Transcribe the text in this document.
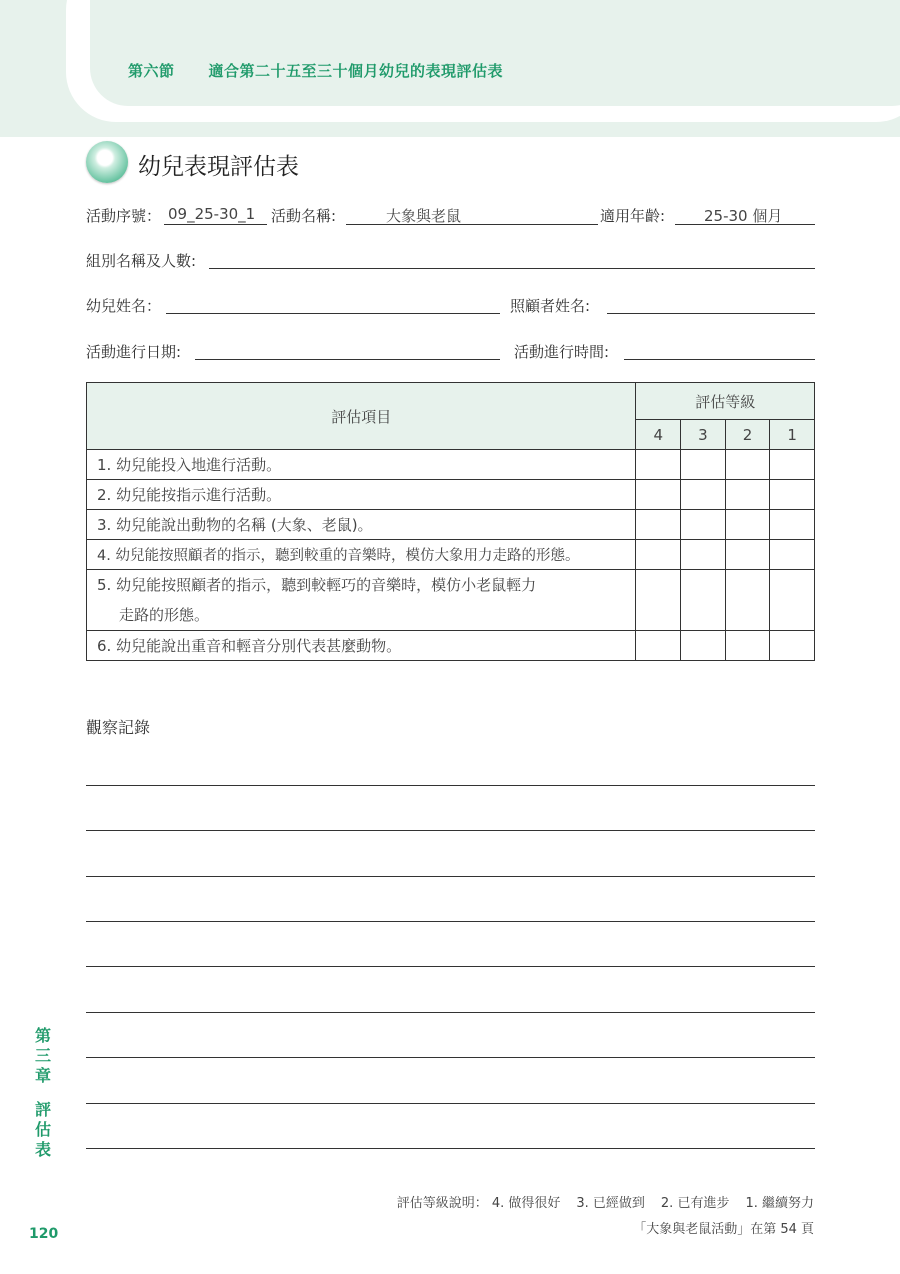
第六節 適合第二十五至三十個月幼兒的表現評估表
幼兒表現評估表
活動序號： 09_25-30_1 活動名稱:	大象與老鼠	適用年齡:	25-30 個月
組別名稱及人數:
幼兒姓名：	照顧者姓名:
活動進行日期:	活動進行時間:
評估項目	評估等級			
	4	3	2	1
1. 幼兒能投入地進行活動。				
2. 幼兒能按指示進行活動。				
3. 幼兒能說出動物的名稱 (大象、老鼠)。				
4. 幼兒能按照顧者的指示，聽到較重的音樂時，模仿大象用力走路的形態。				
5. 幼兒能按照顧者的指示，聽到較輕巧的音樂時，模仿小老鼠輕力
走路的形態。				

6. 幼兒能說出重音和輕音分別代表甚麼動物。				
觀察記錄
第
三
章
評
估
表
評估等級說明： 4. 做得很好 3. 已經做到 2. 已有進步 1. 繼續努力
「大象與老鼠活動」在第 54 頁
120
